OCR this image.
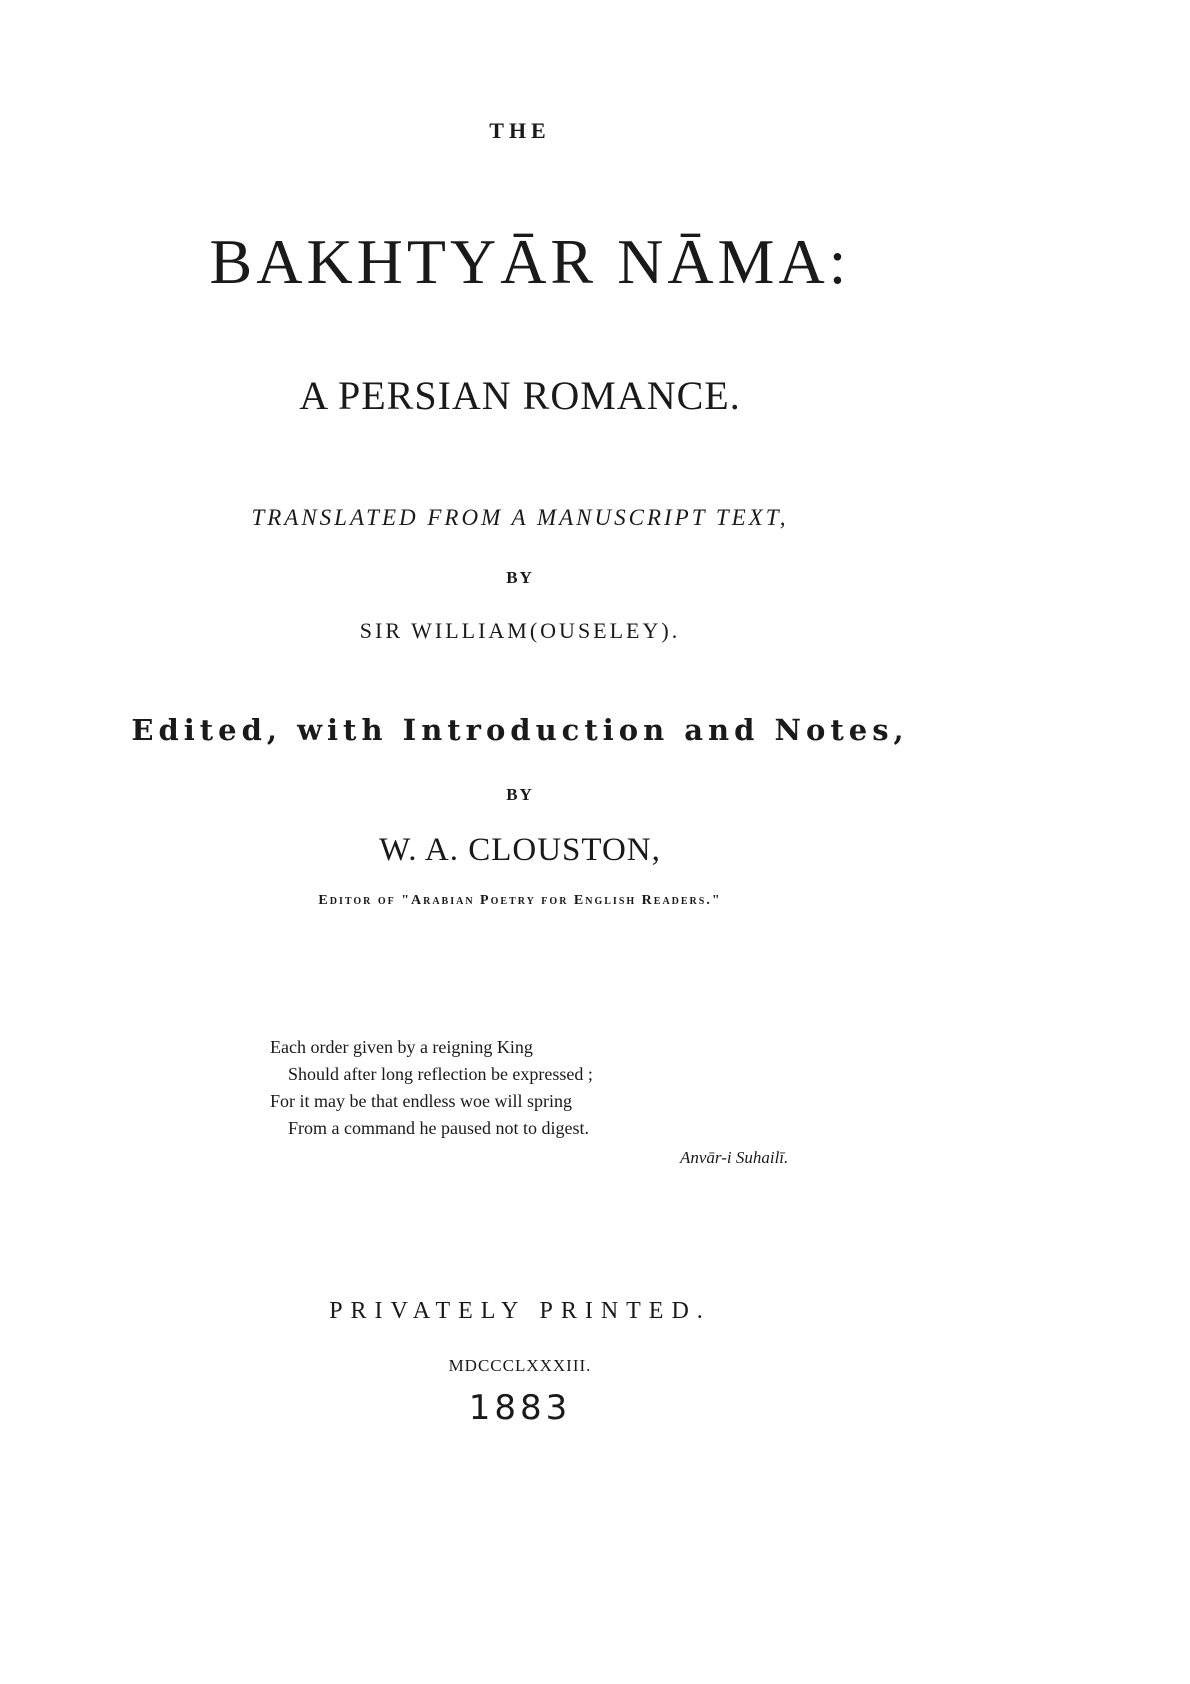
THE
BAKHTYĀR NĀMA:
A PERSIAN ROMANCE.
TRANSLATED FROM A MANUSCRIPT TEXT,
BY
SIR WILLIAM(OUSELEY).
Edited, with Introduction and Notes,
BY
W. A. CLOUSTON,
Editor of "Arabian Poetry for English Readers."
Each order given by a reigning King
Should after long reflection be expressed ;
For it may be that endless woe will spring
From a command he paused not to digest.
Anvār-i Suhailī.
PRIVATELY PRINTED.
MDCCCLXXXIII.
1883
